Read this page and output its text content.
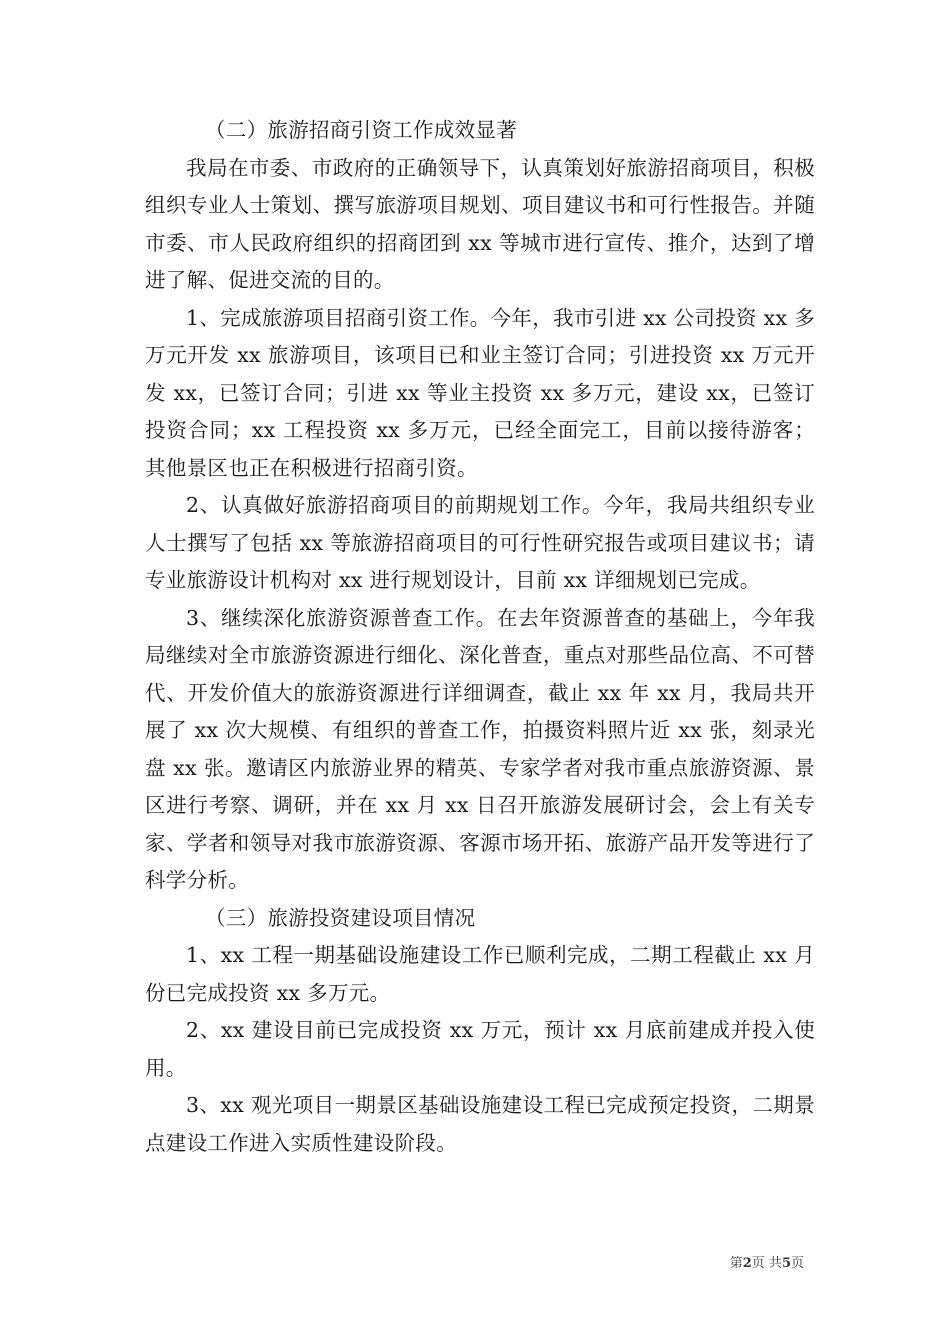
（二）旅游招商引资工作成效显著

我局在市委、市政府的正确领导下，认真策划好旅游招商项目，积极组织专业人士策划、撰写旅游项目规划、项目建议书和可行性报告。并随市委、市人民政府组织的招商团到 xx 等城市进行宣传、推介，达到了增进了解、促进交流的目的。

1、完成旅游项目招商引资工作。今年，我市引进 xx 公司投资 xx 多万元开发 xx 旅游项目，该项目已和业主签订合同；引进投资 xx 万元开发 xx，已签订合同；引进 xx 等业主投资 xx 多万元，建设 xx，已签订投资合同；xx 工程投资 xx 多万元，已经全面完工，目前以接待游客；其他景区也正在积极进行招商引资。

2、认真做好旅游招商项目的前期规划工作。今年，我局共组织专业人士撰写了包括 xx 等旅游招商项目的可行性研究报告或项目建议书；请专业旅游设计机构对 xx 进行规划设计，目前 xx 详细规划已完成。

3、继续深化旅游资源普查工作。在去年资源普查的基础上，今年我局继续对全市旅游资源进行细化、深化普查，重点对那些品位高、不可替代、开发价值大的旅游资源进行详细调查，截止 xx 年 xx 月，我局共开展了 xx 次大规模、有组织的普查工作，拍摄资料照片近 xx 张，刻录光盘 xx 张。邀请区内旅游业界的精英、专家学者对我市重点旅游资源、景区进行考察、调研，并在 xx 月 xx 日召开旅游发展研讨会，会上有关专家、学者和领导对我市旅游资源、客源市场开拓、旅游产品开发等进行了科学分析。

（三）旅游投资建设项目情况

1、xx 工程一期基础设施建设工作已顺利完成，二期工程截止 xx 月份已完成投资 xx 多万元。

2、xx 建设目前已完成投资 xx 万元，预计 xx 月底前建成并投入使用。

3、xx 观光项目一期景区基础设施建设工程已完成预定投资，二期景点建设工作进入实质性建设阶段。

第2页 共5页
